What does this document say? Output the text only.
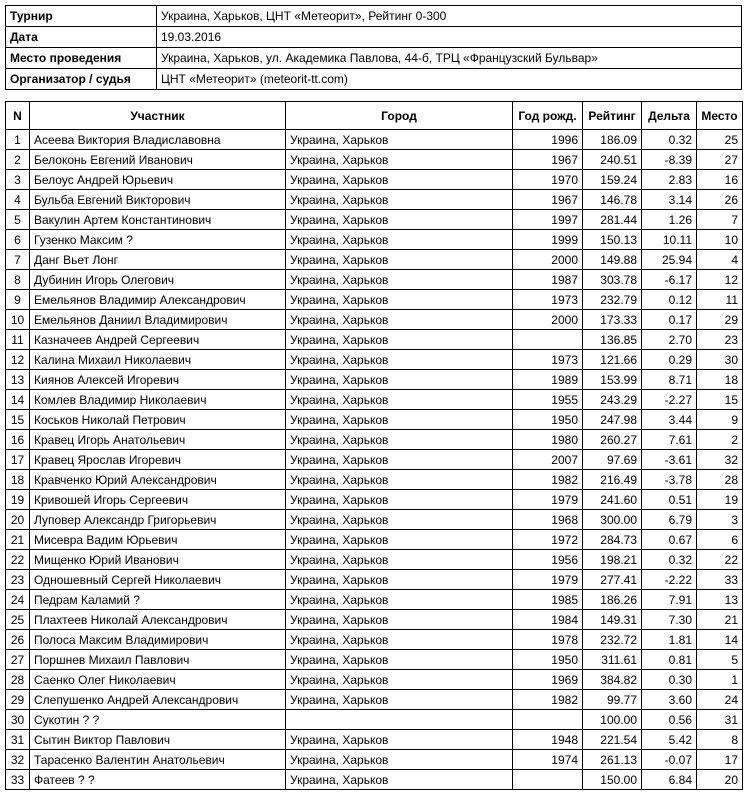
Турнир	Украина, Харьков, ЦНТ «Метеорит», Рейтинг 0-300
Дата	19.03.2016
Место проведения	Украина, Харьков, ул. Академика Павлова, 44-б, ТРЦ «Французский Бульвар»
Организатор / судья	ЦНТ «Метеорит» (meteorit-tt.com)
N	Участник	Город	Год рожд.	Рейтинг	Дельта	Место
1	Асеева Виктория Владиславовна	Украина, Харьков	1996	186.09	0.32	25
2	Белоконь Евгений Иванович	Украина, Харьков	1967	240.51	-8.39	27
3	Белоус Андрей Юрьевич	Украина, Харьков	1970	159.24	2.83	16
4	Бульба Евгений Викторович	Украина, Харьков	1967	146.78	3.14	26
5	Вакулин Артем Константинович	Украина, Харьков	1997	281.44	1.26	7
6	Гузенко Максим ?	Украина, Харьков	1999	150.13	10.11	10
7	Данг Вьет Лонг	Украина, Харьков	2000	149.88	25.94	4
8	Дубинин Игорь Олегович	Украина, Харьков	1987	303.78	-6.17	12
9	Емельянов Владимир Александрович	Украина, Харьков	1973	232.79	0.12	11
10	Емельянов Даниил Владимирович	Украина, Харьков	2000	173.33	0.17	29
11	Казначеев Андрей Сергеевич	Украина, Харьков		136.85	2.70	23
12	Калина Михаил Николаевич	Украина, Харьков	1973	121.66	0.29	30
13	Киянов Алексей Игоревич	Украина, Харьков	1989	153.99	8.71	18
14	Комлев Владимир Николаевич	Украина, Харьков	1955	243.29	-2.27	15
15	Коськов Николай Петрович	Украина, Харьков	1950	247.98	3.44	9
16	Кравец Игорь Анатольевич	Украина, Харьков	1980	260.27	7.61	2
17	Кравец Ярослав Игоревич	Украина, Харьков	2007	97.69	-3.61	32
18	Кравченко Юрий Александрович	Украина, Харьков	1982	216.49	-3.78	28
19	Кривошей Игорь Сергеевич	Украина, Харьков	1979	241.60	0.51	19
20	Луповер Александр Григорьевич	Украина, Харьков	1968	300.00	6.79	3
21	Мисевра Вадим Юрьевич	Украина, Харьков	1972	284.73	0.67	6
22	Мищенко Юрий Иванович	Украина, Харьков	1956	198.21	0.32	22
23	Одношевный Сергей Николаевич	Украина, Харьков	1979	277.41	-2.22	33
24	Педрам Каламий ?	Украина, Харьков	1985	186.26	7.91	13
25	Плахтеев Николай Александрович	Украина, Харьков	1984	149.31	7.30	21
26	Полоса Максим Владимирович	Украина, Харьков	1978	232.72	1.81	14
27	Поршнев Михаил Павлович	Украина, Харьков	1950	311.61	0.81	5
28	Саенко Олег Николаевич	Украина, Харьков	1969	384.82	0.30	1
29	Слепушенко Андрей Александрович	Украина, Харьков	1982	99.77	3.60	24
30	Сукотин ? ?			100.00	0.56	31
31	Сытин Виктор Павлович	Украина, Харьков	1948	221.54	5.42	8
32	Тарасенко Валентин Анатольевич	Украина, Харьков	1974	261.13	-0.07	17
33	Фатеев ? ?	Украина, Харьков		150.00	6.84	20
